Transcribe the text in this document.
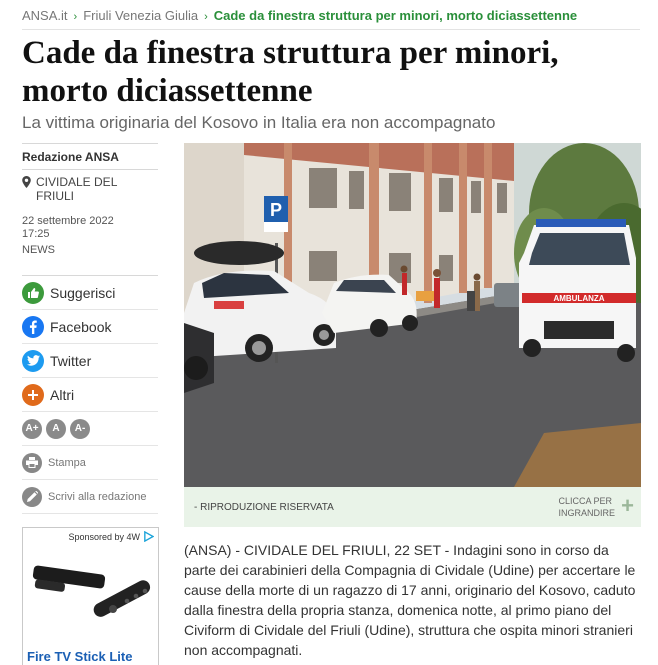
ANSA.it › Friuli Venezia Giulia › Cade da finestra struttura per minori, morto diciassettenne
Cade da finestra struttura per minori, morto diciassettenne
La vittima originaria del Kosovo in Italia era non accompagnato
Redazione ANSA
CIVIDALE DEL FRIULI
22 settembre 2022
17:25
NEWS
Suggerisci
Facebook
Twitter
Altri
A+	A	A-
Stampa
Scrivi alla redazione
Sponsored by 4W
Fire TV Stick Lite
P
AMBULANZA
- RIPRODUZIONE RISERVATA
CLICCA PER
INGRANDIRE +

(ANSA) - CIVIDALE DEL FRIULI, 22 SET - Indagini sono in corso da parte dei carabinieri della Compagnia di Cividale (Udine) per accertare le cause della morte di un ragazzo di 17 anni, originario del Kosovo, caduto dalla finestra della propria stanza, domenica notte, al primo piano del Civiform di Cividale del Friuli (Udine), struttura che ospita minori stranieri non accompagnati.
